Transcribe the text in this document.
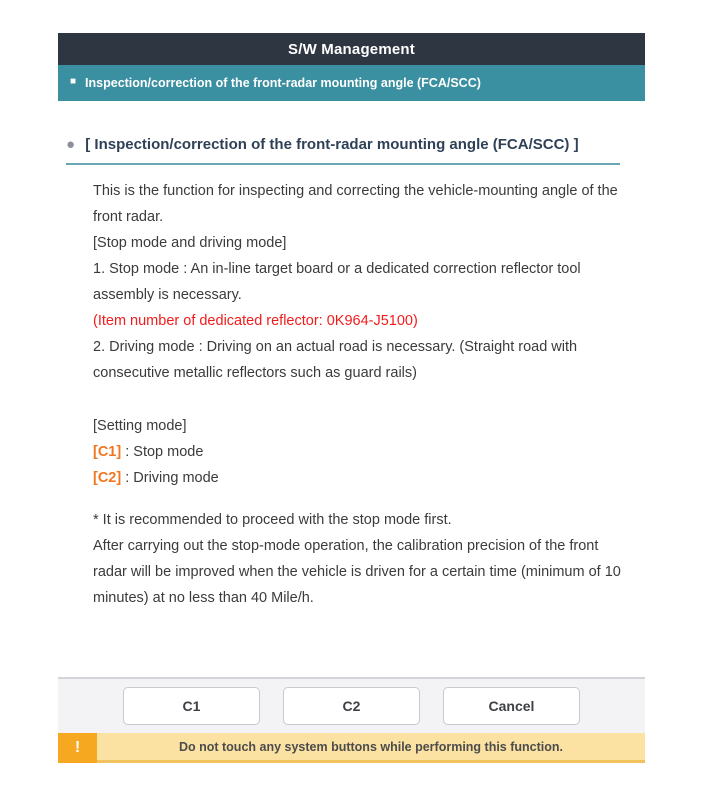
S/W Management
■ Inspection/correction of the front-radar mounting angle (FCA/SCC)
● [ Inspection/correction of the front-radar mounting angle (FCA/SCC) ]

This is the function for inspecting and correcting the vehicle-mounting angle of the front radar.

[Stop mode and driving mode]

1. Stop mode : An in-line target board or a dedicated correction reflector tool assembly is necessary.

(Item number of dedicated reflector: 0K964-J5100)

2. Driving mode : Driving on an actual road is necessary. (Straight road with consecutive metallic reflectors such as guard rails)

[Setting mode]

[C1] : Stop mode

[C2] : Driving mode

* It is recommended to proceed with the stop mode first.

After carrying out the stop-mode operation, the calibration precision of the front radar will be improved when the vehicle is driven for a certain time (minimum of 10 minutes) at no less than 40 Mile/h.

C1	C2	Cancel
!	Do not touch any system buttons while performing this function.
